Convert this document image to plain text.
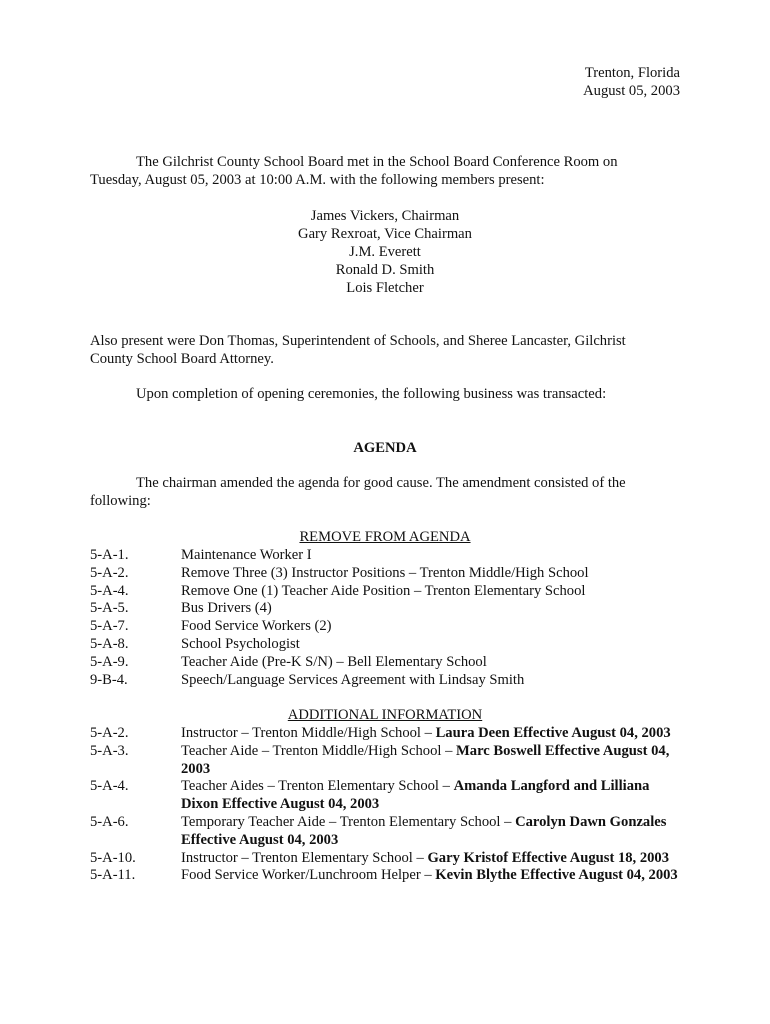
Trenton, Florida
August 05, 2003
The Gilchrist County School Board met in the School Board Conference Room on Tuesday, August 05, 2003 at 10:00 A.M. with the following members present:
James Vickers, Chairman
Gary Rexroat, Vice Chairman
J.M. Everett
Ronald D. Smith
Lois Fletcher
Also present were Don Thomas, Superintendent of Schools, and Sheree Lancaster, Gilchrist County School Board Attorney.
Upon completion of opening ceremonies, the following business was transacted:
AGENDA
The chairman amended the agenda for good cause. The amendment consisted of the following:
REMOVE FROM AGENDA
5-A-1.	Maintenance Worker I
5-A-2.	Remove Three (3) Instructor Positions – Trenton Middle/High School
5-A-4.	Remove One (1) Teacher Aide Position – Trenton Elementary School
5-A-5.	Bus Drivers (4)
5-A-7.	Food Service Workers (2)
5-A-8.	School Psychologist
5-A-9.	Teacher Aide (Pre-K S/N) – Bell Elementary School
9-B-4.	Speech/Language Services Agreement with Lindsay Smith
ADDITIONAL INFORMATION
5-A-2.	Instructor – Trenton Middle/High School – Laura Deen Effective August 04, 2003
5-A-3.	Teacher Aide – Trenton Middle/High School – Marc Boswell Effective August 04, 2003
5-A-4.	Teacher Aides – Trenton Elementary School – Amanda Langford and Lilliana Dixon Effective August 04, 2003
5-A-6.	Temporary Teacher Aide – Trenton Elementary School – Carolyn Dawn Gonzales Effective August 04, 2003
5-A-10.	Instructor – Trenton Elementary School – Gary Kristof Effective August 18, 2003
5-A-11.	Food Service Worker/Lunchroom Helper – Kevin Blythe Effective August 04, 2003
